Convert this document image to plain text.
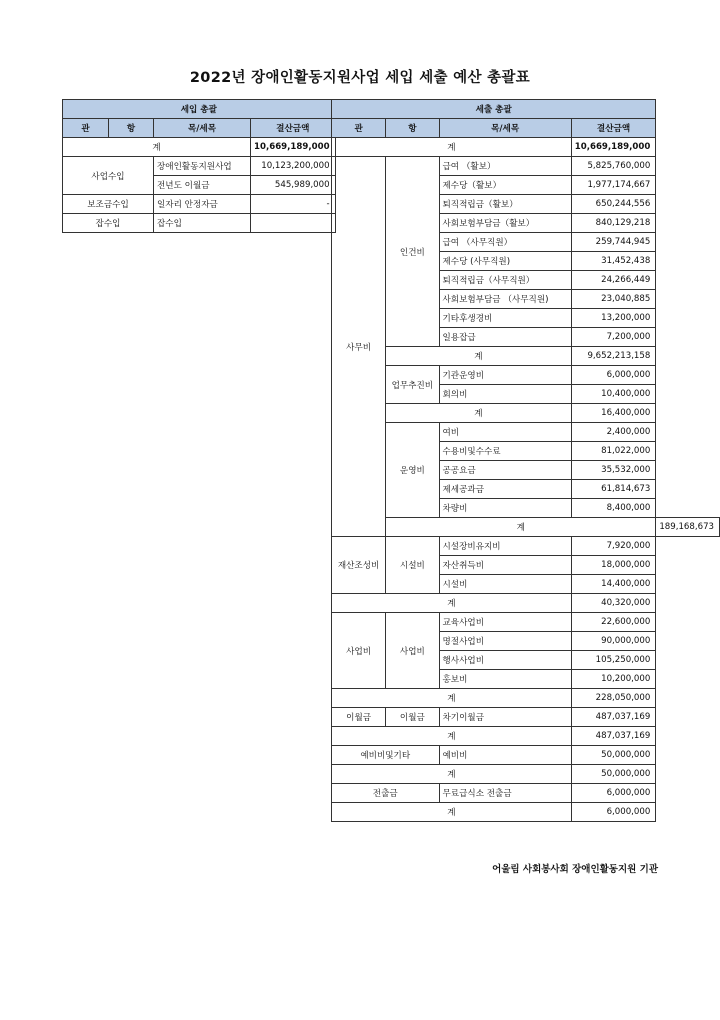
2022년 장애인활동지원사업 세입 세출 예산 총괄표
세입 총괄			
관	항	목/세목	결산금액
계			10,669,189,000
사업수입		장애인활동지원사업	10,123,200,000
		전년도 이월금	545,989,000
보조금수입		일자리 안정자금	-
잡수입		잡수입	
세출 총괄				
관	항	목/세목	결산금액	
계			10,669,189,000	
사무비	인건비	급여 （활보）	5,825,760,000	
		제수당（활보）	1,977,174,667	
		퇴직적립금（활보）	650,244,556	
		사회보험부담금（활보）	840,129,218	
		급여 （사무직원）	259,744,945	
		제수당 (사무직원)	31,452,438	
		퇴직적립금（사무직원）	24,266,449	
		사회보험부담금 （사무직원)	23,040,885	
		기타후생경비	13,200,000	
		일용잡급	7,200,000	
	계		9,652,213,158	
	업무추진비	기관운영비	6,000,000	
		회의비	10,400,000	
	계		16,400,000	
	운영비	여비	2,400,000	
		수용비및수수료	81,022,000	
		공공요금	35,532,000	
		제세공과금	61,814,673	
		차량비	8,400,000	
	계			189,168,673
재산조성비	시설비	시설장비유지비	7,920,000	
		자산취득비	18,000,000	
		시설비	14,400,000	
계			40,320,000	
사업비	사업비	교육사업비	22,600,000	
		명절사업비	90,000,000	
		행사사업비	105,250,000	
		홍보비	10,200,000	
계			228,050,000	
이월금	이월금	차기이월금	487,037,169	
계			487,037,169	
예비비및기타		예비비	50,000,000	
계			50,000,000	
전출금		무료급식소 전출금	6,000,000	
계			6,000,000	
어울림 사회봉사회 장애인활동지원 기관
